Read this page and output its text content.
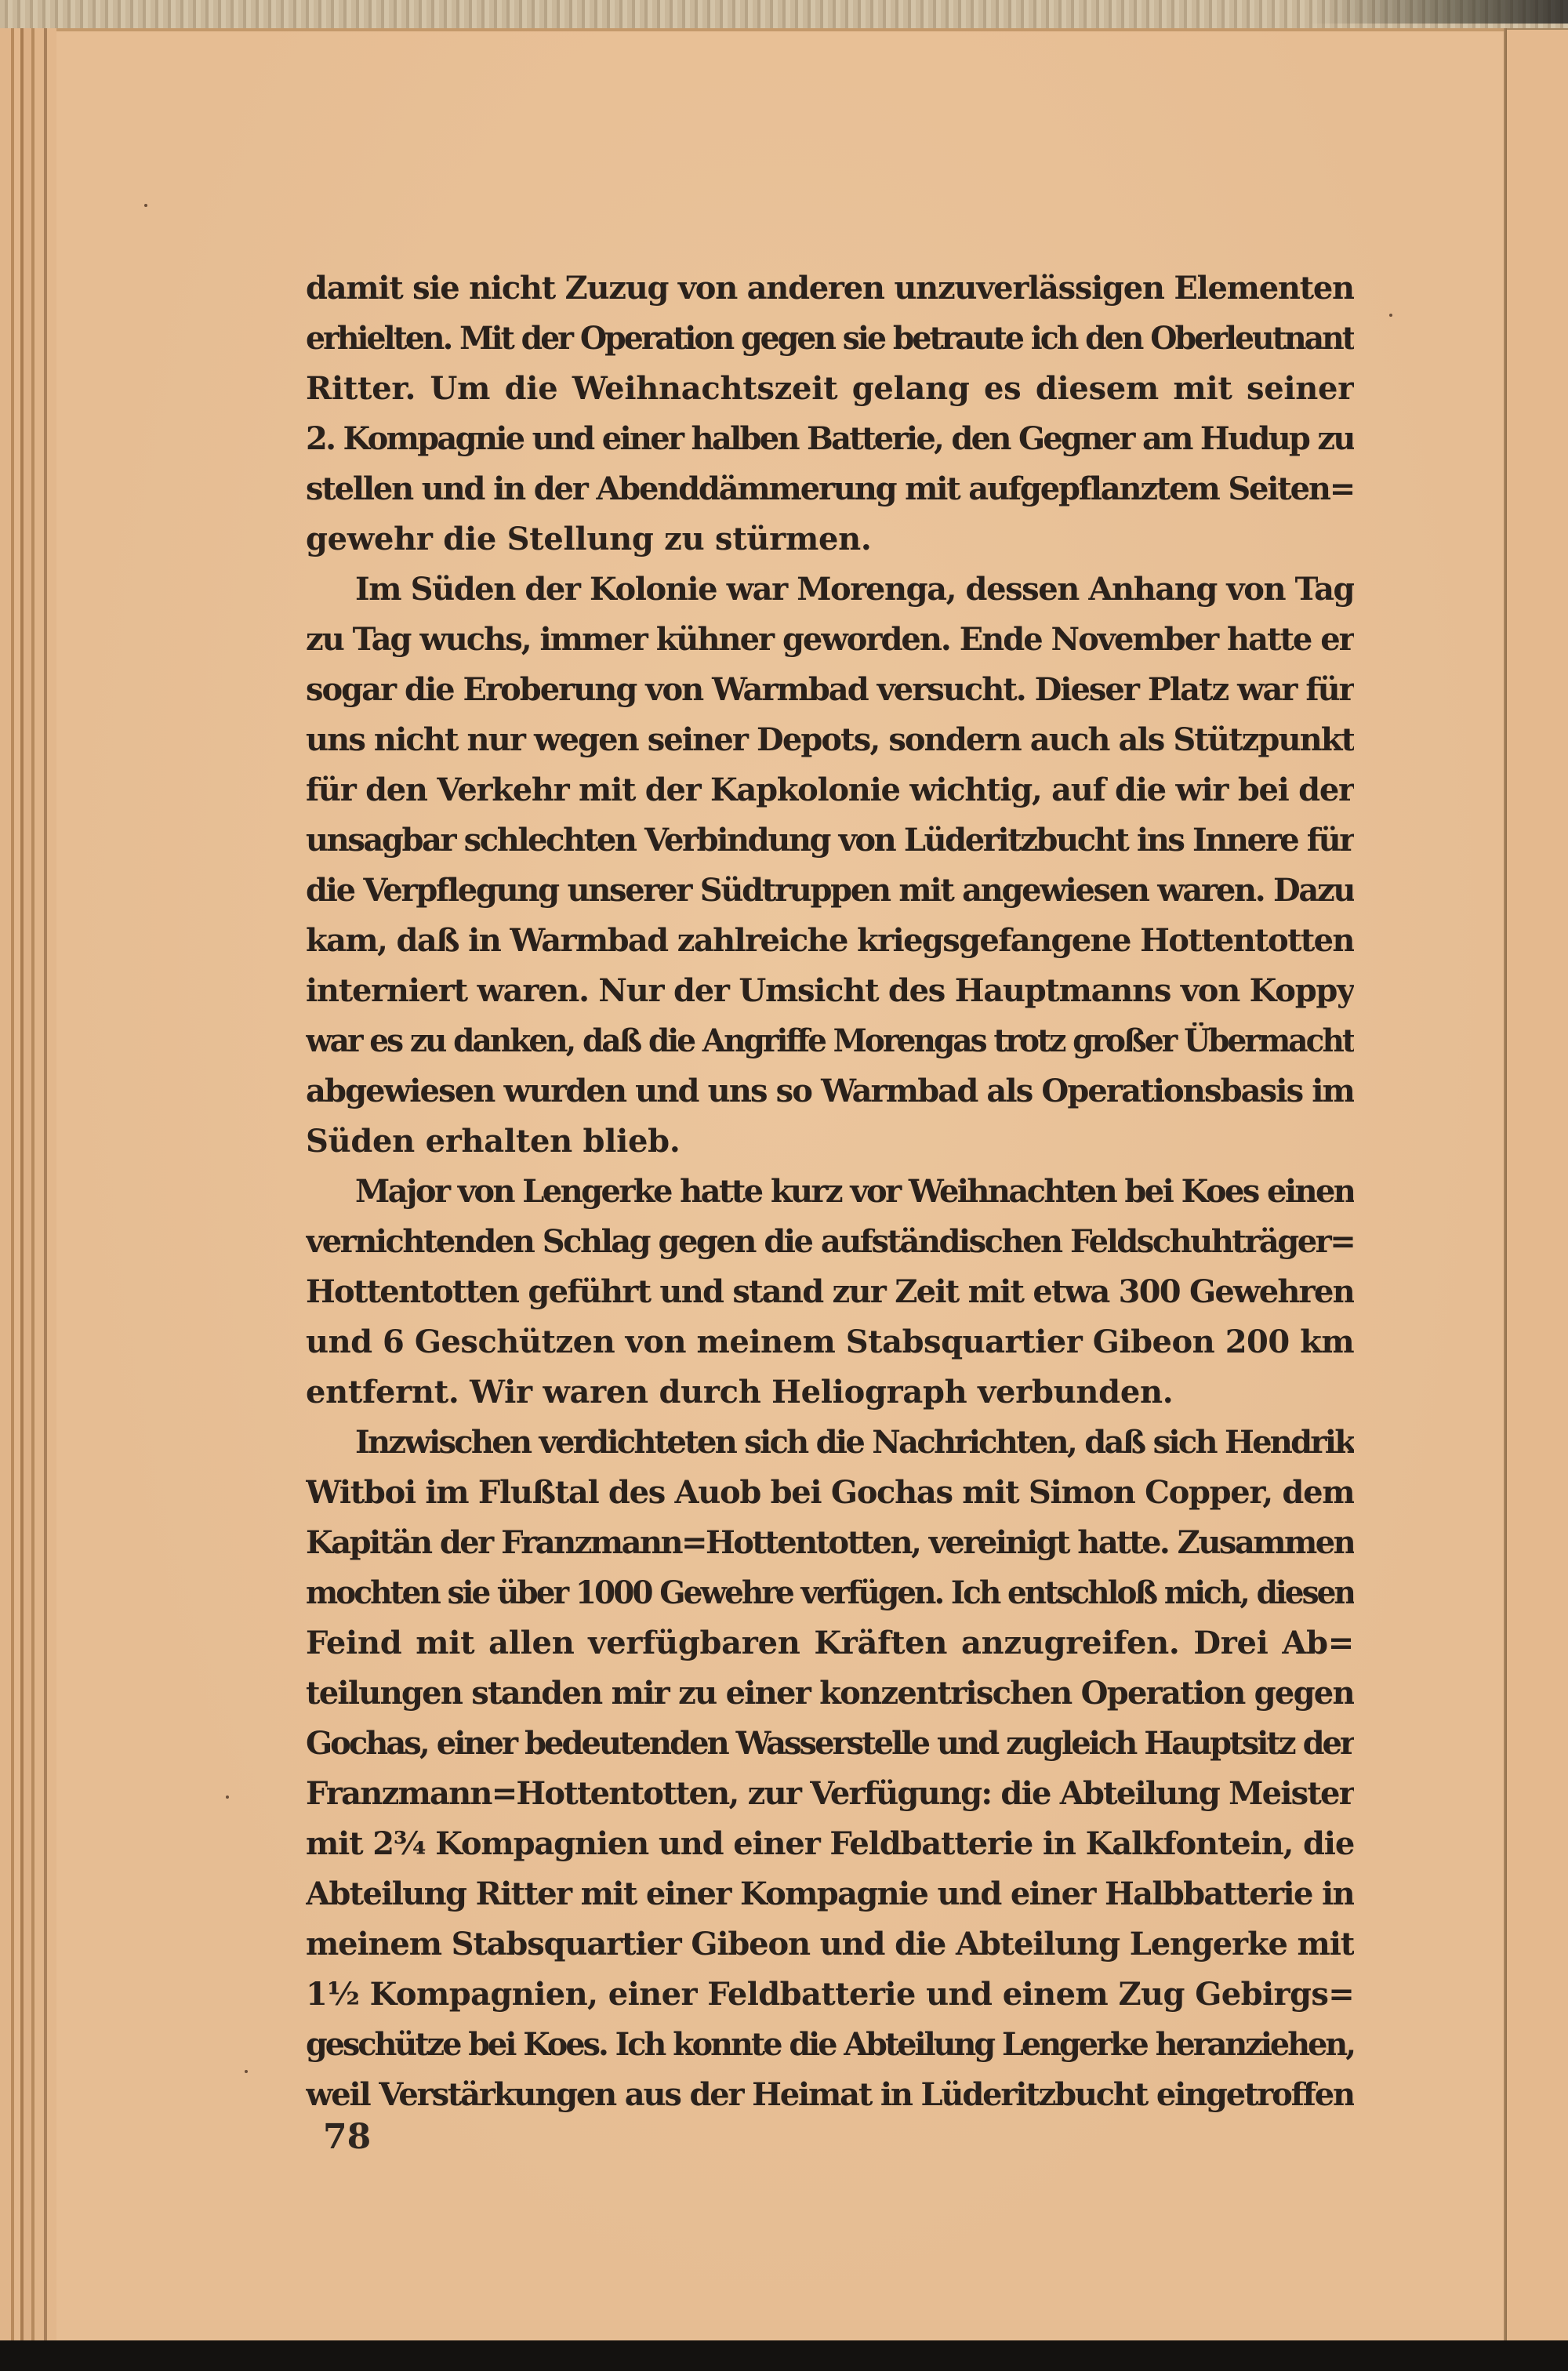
damit sie nicht Zuzug von anderen unzuverlässigen Elementen
erhielten. Mit der Operation gegen sie betraute ich den Oberleutnant
Ritter. Um die Weihnachtszeit gelang es diesem mit seiner
2. Kompagnie und einer halben Batterie, den Gegner am Hudup zu
stellen und in der Abenddämmerung mit aufgepflanztem Seiten=
gewehr die Stellung zu stürmen.
Im Süden der Kolonie war Morenga, dessen Anhang von Tag
zu Tag wuchs, immer kühner geworden. Ende November hatte er
sogar die Eroberung von Warmbad versucht. Dieser Platz war für
uns nicht nur wegen seiner Depots, sondern auch als Stützpunkt
für den Verkehr mit der Kapkolonie wichtig, auf die wir bei der
unsagbar schlechten Verbindung von Lüderitzbucht ins Innere für
die Verpflegung unserer Südtruppen mit angewiesen waren. Dazu
kam, daß in Warmbad zahlreiche kriegsgefangene Hottentotten
interniert waren. Nur der Umsicht des Hauptmanns von Koppy
war es zu danken, daß die Angriffe Morengas trotz großer Übermacht
abgewiesen wurden und uns so Warmbad als Operationsbasis im
Süden erhalten blieb.
Major von Lengerke hatte kurz vor Weihnachten bei Koes einen
vernichtenden Schlag gegen die aufständischen Feldschuhträger=
Hottentotten geführt und stand zur Zeit mit etwa 300 Gewehren
und 6 Geschützen von meinem Stabsquartier Gibeon 200 km
entfernt. Wir waren durch Heliograph verbunden.
Inzwischen verdichteten sich die Nachrichten, daß sich Hendrik
Witboi im Flußtal des Auob bei Gochas mit Simon Copper, dem
Kapitän der Franzmann=Hottentotten, vereinigt hatte. Zusammen
mochten sie über 1000 Gewehre verfügen. Ich entschloß mich, diesen
Feind mit allen verfügbaren Kräften anzugreifen. Drei Ab=
teilungen standen mir zu einer konzentrischen Operation gegen
Gochas, einer bedeutenden Wasserstelle und zugleich Hauptsitz der
Franzmann=Hottentotten, zur Verfügung: die Abteilung Meister
mit 2¾ Kompagnien und einer Feldbatterie in Kalkfontein, die
Abteilung Ritter mit einer Kompagnie und einer Halbbatterie in
meinem Stabsquartier Gibeon und die Abteilung Lengerke mit
1½ Kompagnien, einer Feldbatterie und einem Zug Gebirgs=
geschütze bei Koes. Ich konnte die Abteilung Lengerke heranziehen,
weil Verstärkungen aus der Heimat in Lüderitzbucht eingetroffen
78
